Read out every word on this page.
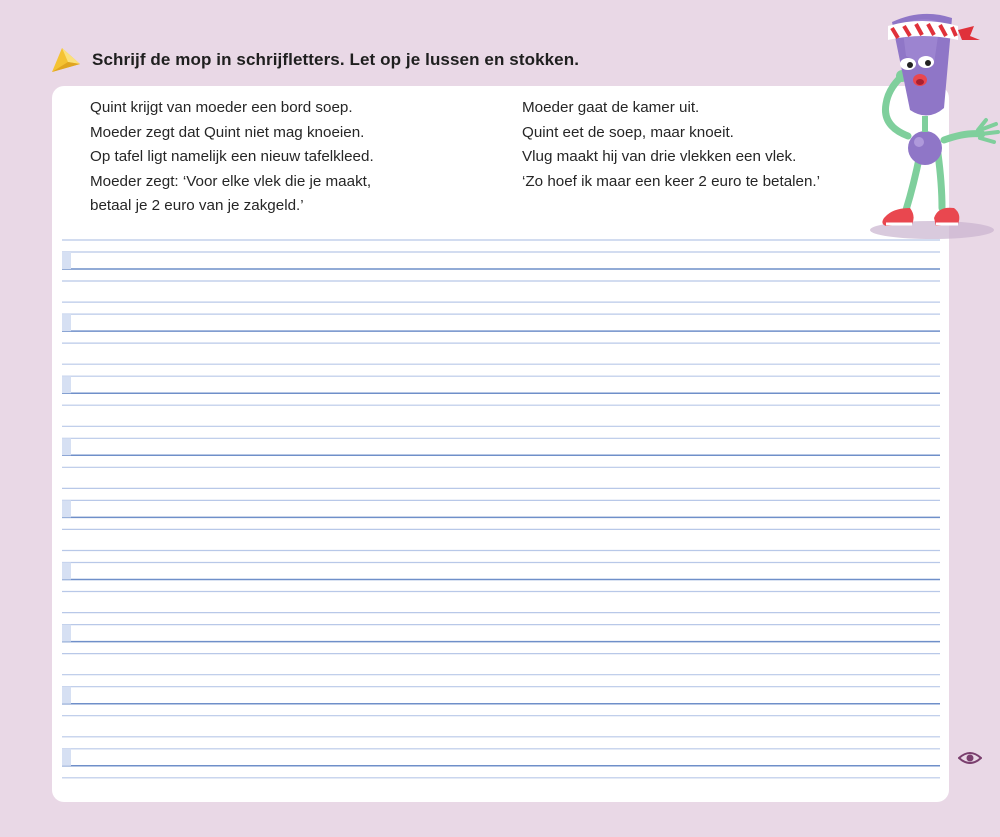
Schrijf de mop in schrijfletters. Let op je lussen en stokken.
Quint krijgt van moeder een bord soep.
Moeder zegt dat Quint niet mag knoeien.
Op tafel ligt namelijk een nieuw tafelkleed.
Moeder zegt: ‘Voor elke vlek die je maakt,
betaal je 2 euro van je zakgeld.’
Moeder gaat de kamer uit.
Quint eet de soep, maar knoeit.
Vlug maakt hij van drie vlekken een vlek.
‘Zo hoef ik maar een keer 2 euro te betalen.’
